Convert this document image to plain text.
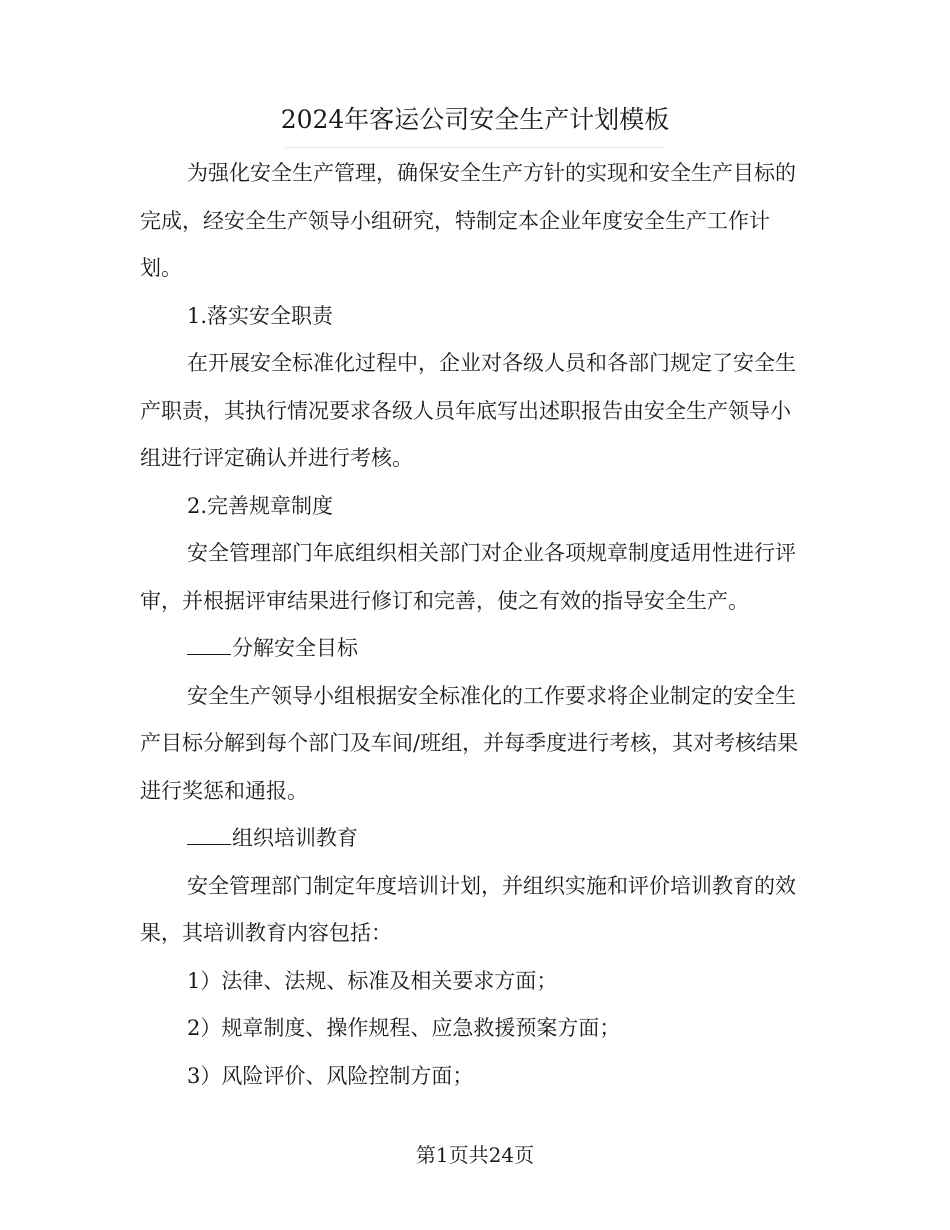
2024年客运公司安全生产计划模板

为强化安全生产管理，确保安全生产方针的实现和安全生产目标的完成，经安全生产领导小组研究，特制定本企业年度安全生产工作计划。

1.落实安全职责

在开展安全标准化过程中，企业对各级人员和各部门规定了安全生产职责，其执行情况要求各级人员年底写出述职报告由安全生产领导小组进行评定确认并进行考核。

2.完善规章制度

安全管理部门年底组织相关部门对企业各项规章制度适用性进行评审，并根据评审结果进行修订和完善，使之有效的指导安全生产。

分解安全目标

安全生产领导小组根据安全标准化的工作要求将企业制定的安全生产目标分解到每个部门及车间/班组，并每季度进行考核，其对考核结果进行奖惩和通报。

组织培训教育

安全管理部门制定年度培训计划，并组织实施和评价培训教育的效果，其培训教育内容包括：

1）法律、法规、标准及相关要求方面；

2）规章制度、操作规程、应急救援预案方面；

3）风险评价、风险控制方面；

第1页共24页
